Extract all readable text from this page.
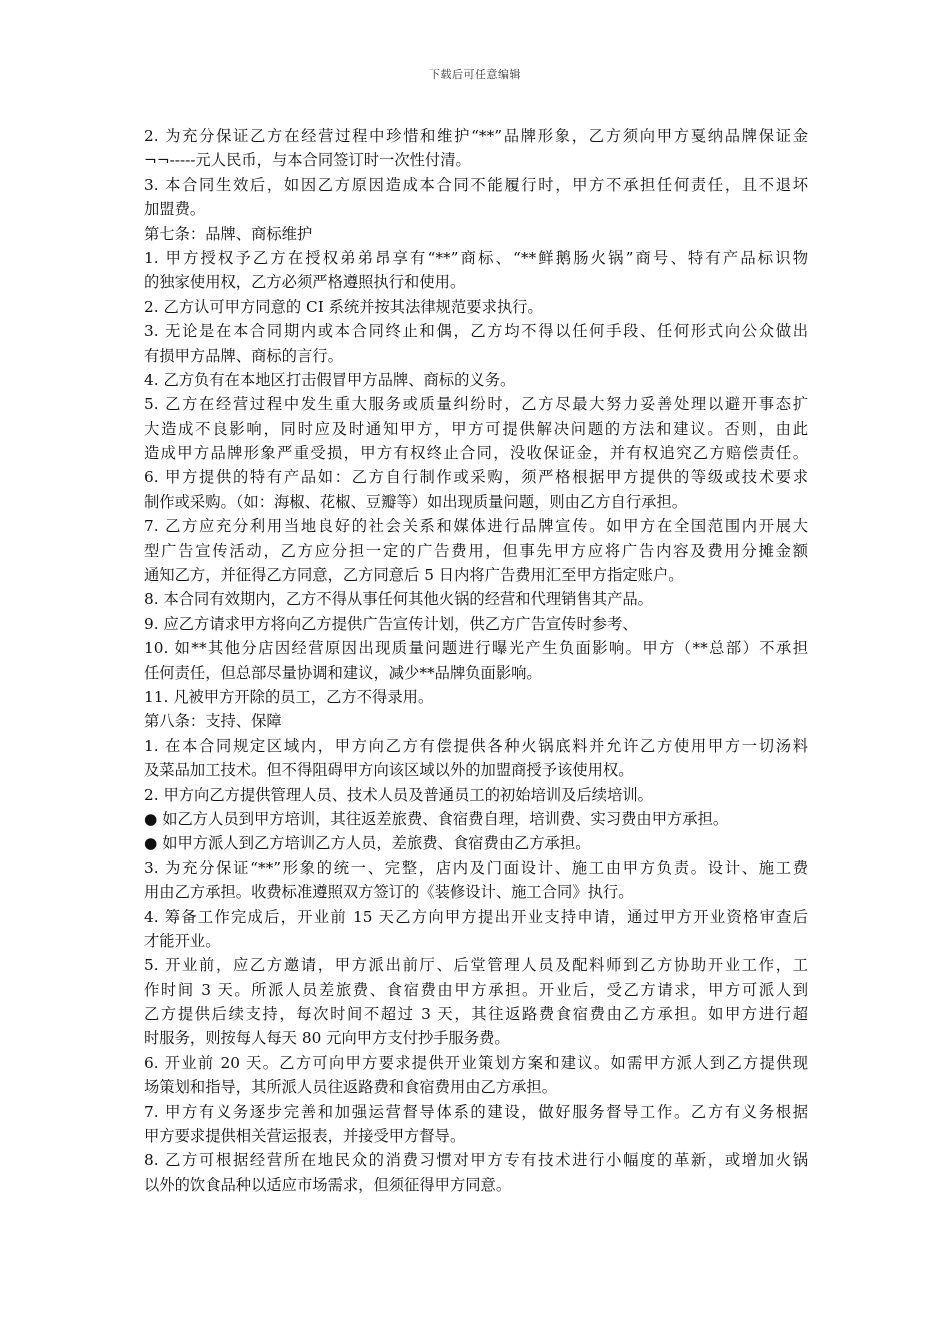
下载后可任意编辑
2. 为充分保证乙方在经营过程中珍惜和维护“**”品牌形象，乙方须向甲方戛纳品牌保证金
¬¬-----元人民币，与本合同签订时一次性付清。
3. 本合同生效后，如因乙方原因造成本合同不能履行时，甲方不承担任何责任，且不退坏
加盟费。
第七条：品牌、商标维护
1. 甲方授权予乙方在授权弟弟昂享有“**”商标、“**鲜鹅肠火锅”商号、特有产品标识物
的独家使用权，乙方必须严格遵照执行和使用。
2. 乙方认可甲方同意的 CI 系统并按其法律规范要求执行。
3. 无论是在本合同期内或本合同终止和偶，乙方均不得以任何手段、任何形式向公众做出
有损甲方品牌、商标的言行。
4. 乙方负有在本地区打击假冒甲方品牌、商标的义务。
5. 乙方在经营过程中发生重大服务或质量纠纷时，乙方尽最大努力妥善处理以避开事态扩
大造成不良影响，同时应及时通知甲方，甲方可提供解决问题的方法和建议。否则，由此
造成甲方品牌形象严重受损，甲方有权终止合同，没收保证金，并有权追究乙方赔偿责任。
6. 甲方提供的特有产品如：乙方自行制作或采购，须严格根据甲方提供的等级或技术要求
制作或采购。（如：海椒、花椒、豆瓣等）如出现质量问题，则由乙方自行承担。
7. 乙方应充分利用当地良好的社会关系和媒体进行品牌宣传。如甲方在全国范围内开展大
型广告宣传活动，乙方应分担一定的广告费用，但事先甲方应将广告内容及费用分摊金额
通知乙方，并征得乙方同意，乙方同意后 5 日内将广告费用汇至甲方指定账户。
8. 本合同有效期内，乙方不得从事任何其他火锅的经营和代理销售其产品。
9. 应乙方请求甲方将向乙方提供广告宣传计划，供乙方广告宣传时参考、
10. 如**其他分店因经营原因出现质量问题进行曝光产生负面影响。甲方（**总部）不承担
任何责任，但总部尽量协调和建议，减少**品牌负面影响。
11. 凡被甲方开除的员工，乙方不得录用。
第八条：支持、保障
1. 在本合同规定区域内，甲方向乙方有偿提供各种火锅底料并允许乙方使用甲方一切汤料
及菜品加工技术。但不得阻碍甲方向该区域以外的加盟商授予该使用权。
2. 甲方向乙方提供管理人员、技术人员及普通员工的初始培训及后续培训。
● 如乙方人员到甲方培训，其往返差旅费、食宿费自理，培训费、实习费由甲方承担。
● 如甲方派人到乙方培训乙方人员，差旅费、食宿费由乙方承担。
3. 为充分保证“**”形象的统一、完整，店内及门面设计、施工由甲方负责。设计、施工费
用由乙方承担。收费标准遵照双方签订的《装修设计、施工合同》执行。
4. 筹备工作完成后，开业前 15 天乙方向甲方提出开业支持申请，通过甲方开业资格审查后
才能开业。
5. 开业前，应乙方邀请，甲方派出前厅、后堂管理人员及配料师到乙方协助开业工作，工
作时间 3 天。所派人员差旅费、食宿费由甲方承担。开业后，受乙方请求，甲方可派人到
乙方提供后续支持，每次时间不超过 3 天，其往返路费食宿费由乙方承担。如甲方进行超
时服务，则按每人每天 80 元向甲方支付抄手服务费。
6. 开业前 20 天。乙方可向甲方要求提供开业策划方案和建议。如需甲方派人到乙方提供现
场策划和指导，其所派人员往返路费和食宿费用由乙方承担。
7. 甲方有义务逐步完善和加强运营督导体系的建设，做好服务督导工作。乙方有义务根据
甲方要求提供相关营运报表，并接受甲方督导。
8. 乙方可根据经营所在地民众的消费习惯对甲方专有技术进行小幅度的革新，或增加火锅
以外的饮食品种以适应市场需求，但须征得甲方同意。
